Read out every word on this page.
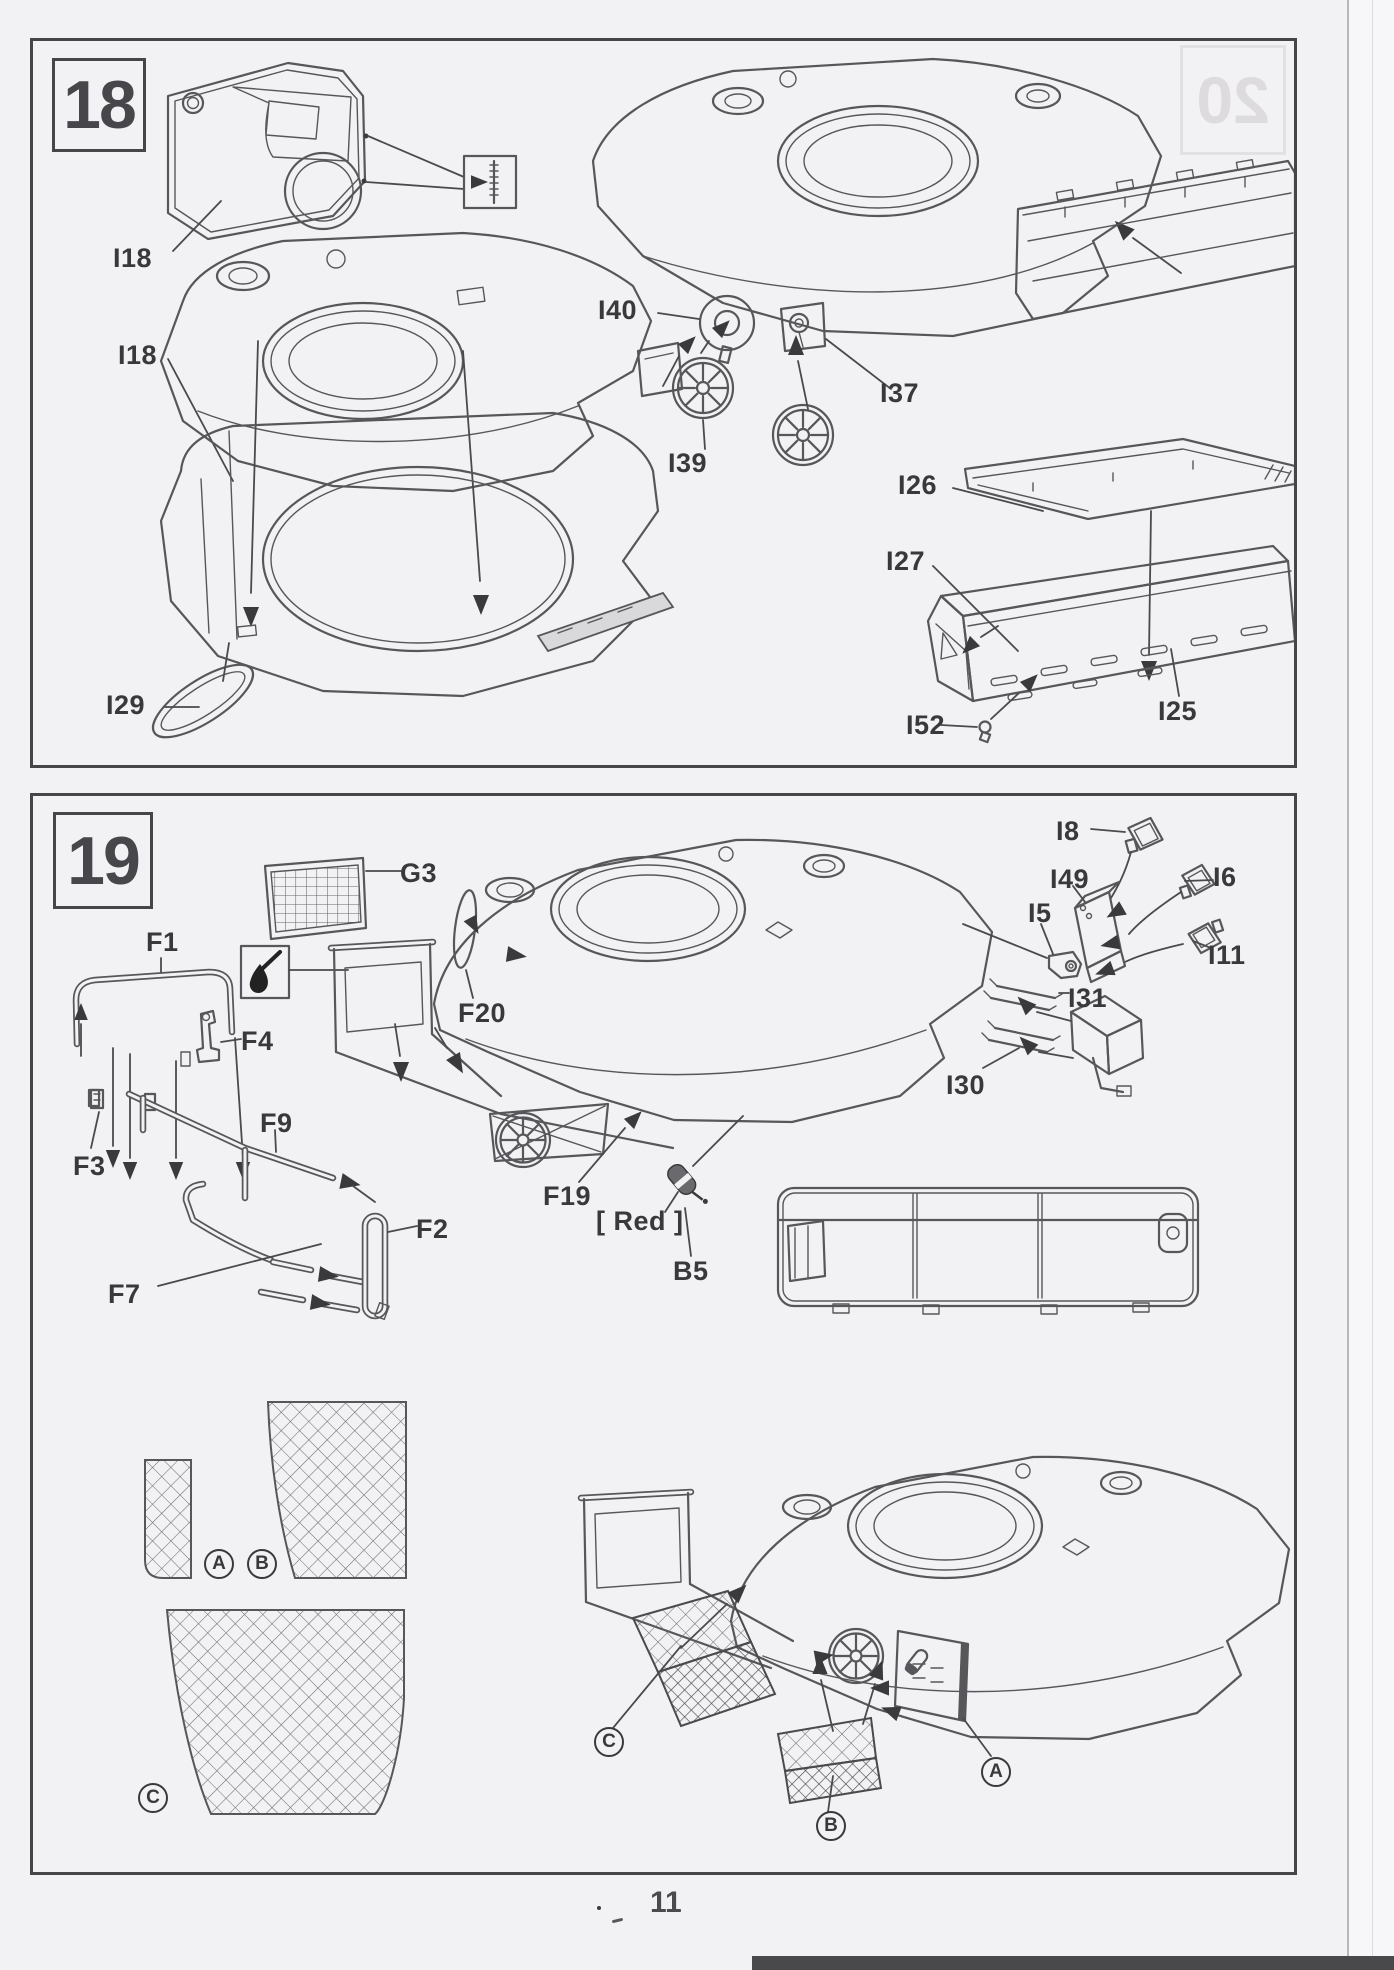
18
19
I18
I18
I40
I39
I37
I26
I27
I29
I52	I25
G3
F1
F4
F20
F3
F9
F7
F2
F19
[ Red ]
B5
I8
I49	I6
I5
I11
I31
I30
A	B
C
C
B
A
20
11
